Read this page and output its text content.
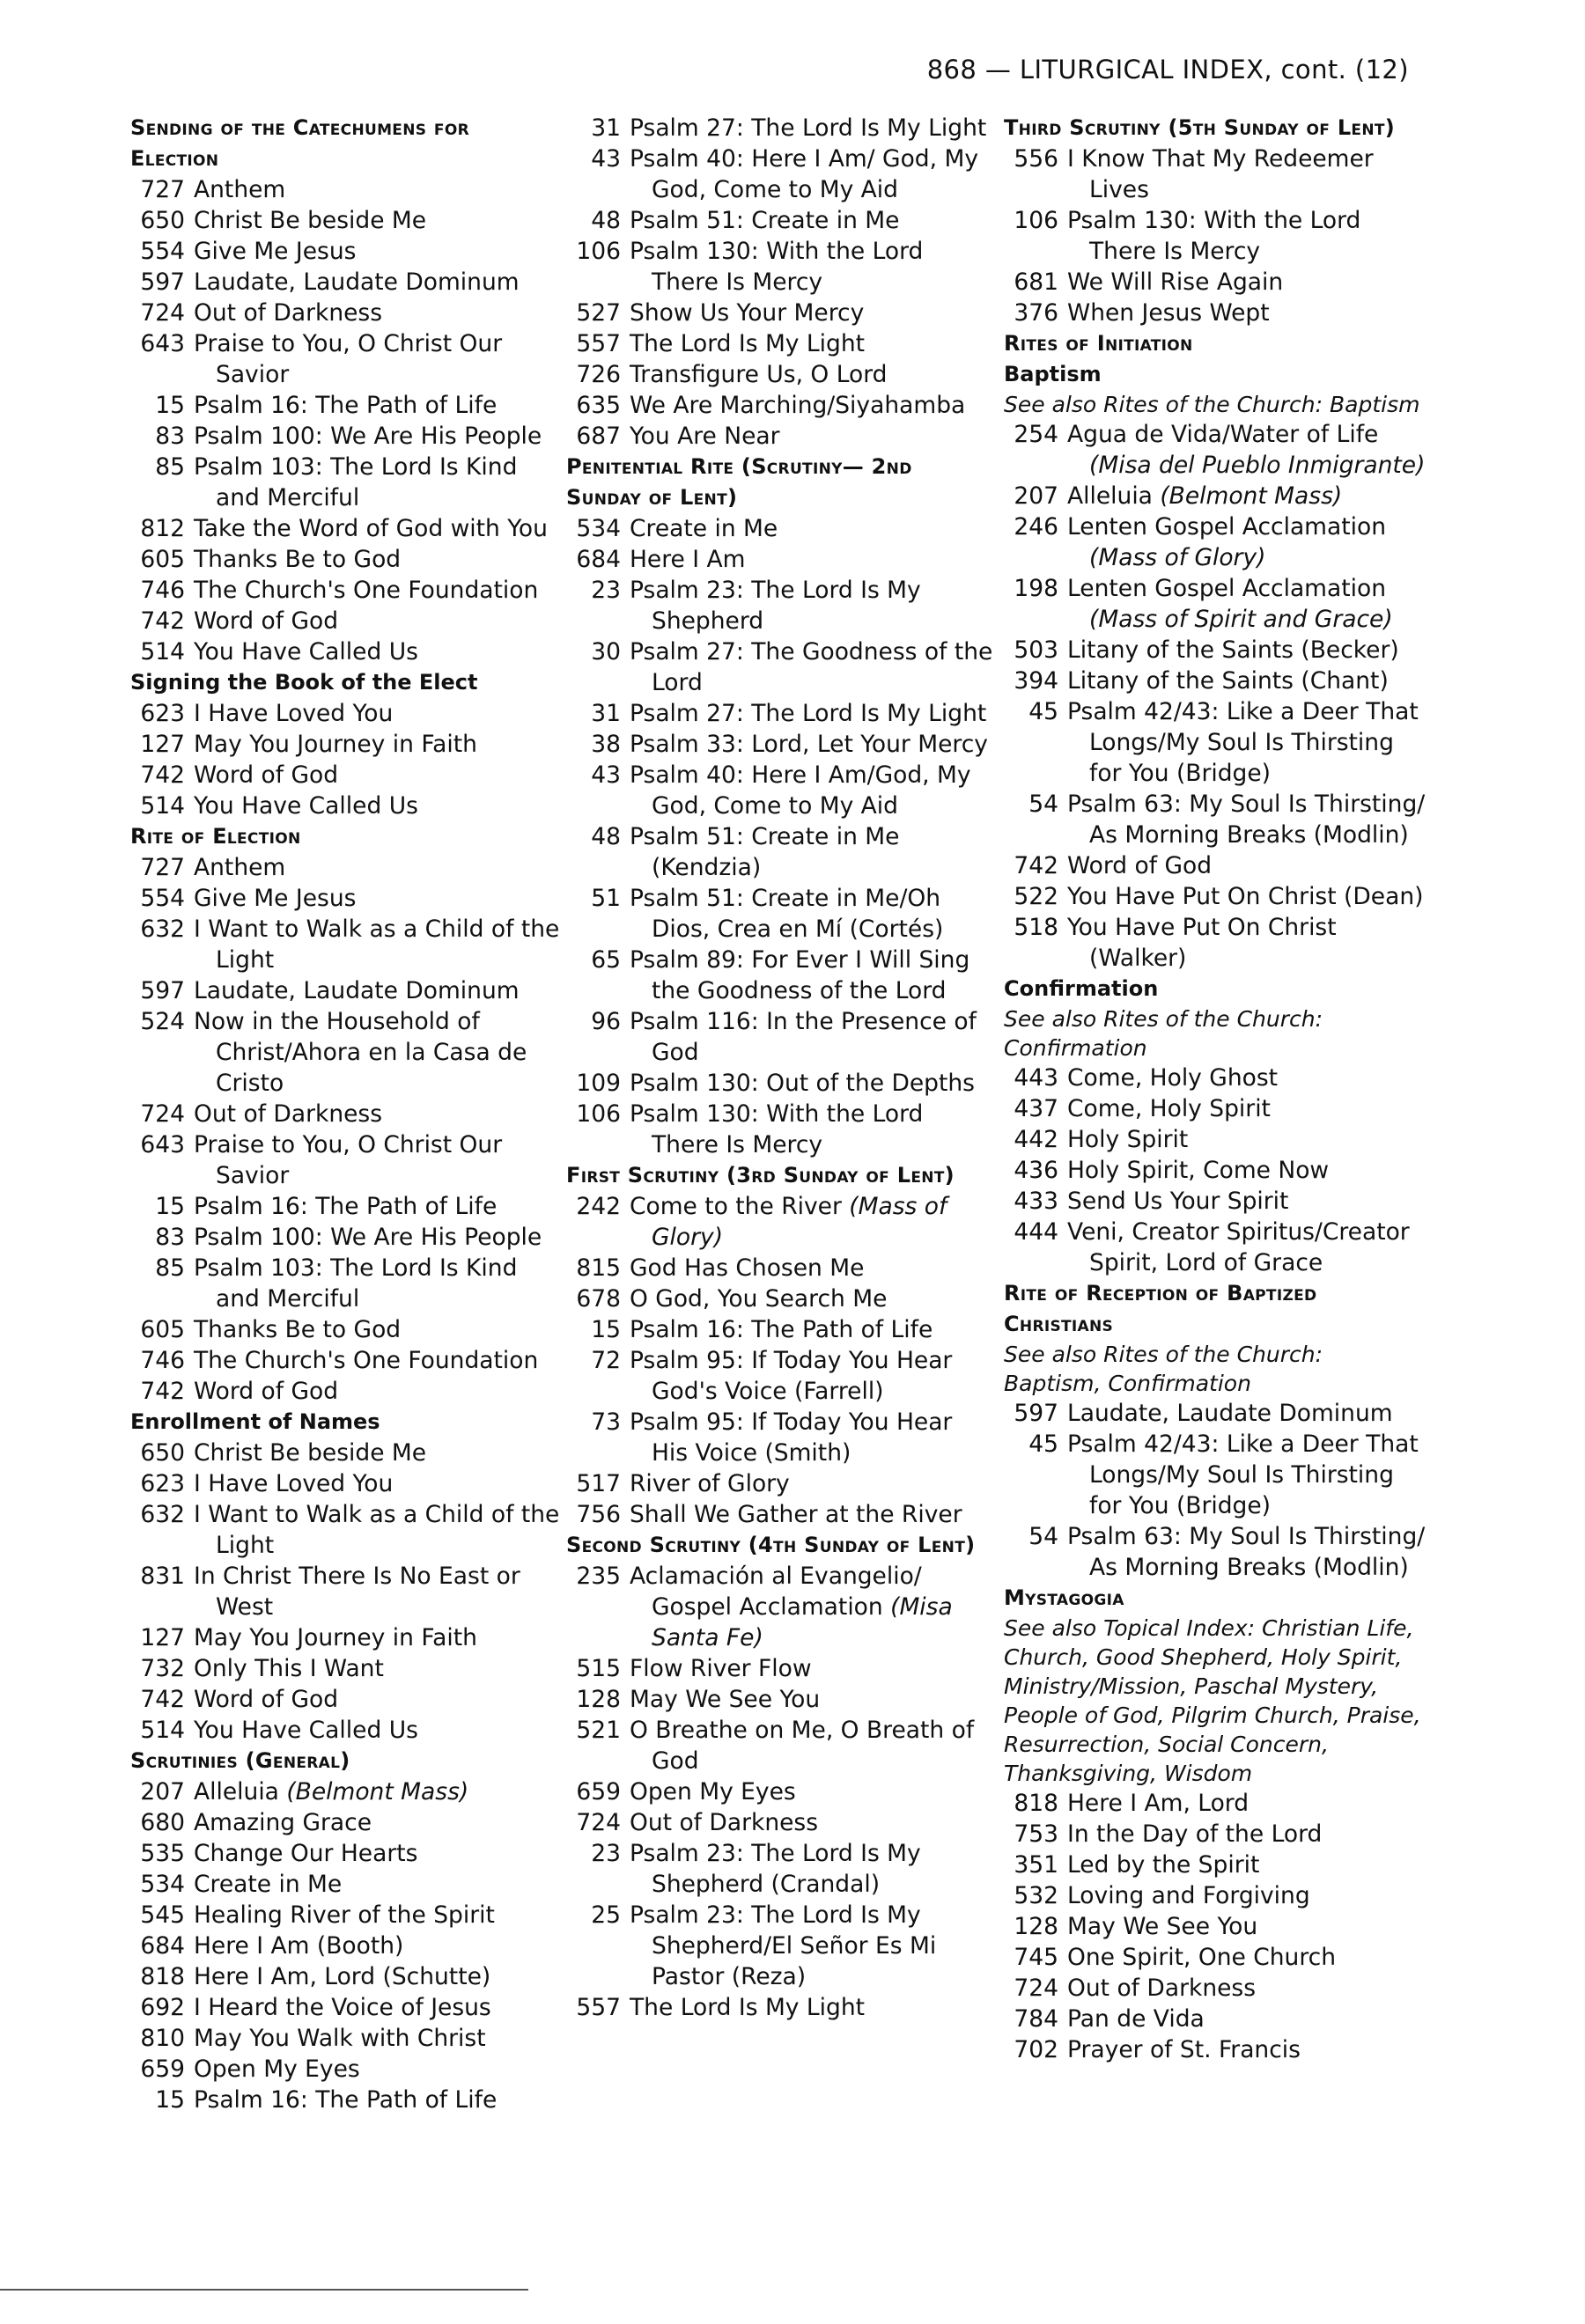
868 — LITURGICAL INDEX, cont. (12)
Sending of the Catechumens for Election
727 Anthem
650 Christ Be beside Me
554 Give Me Jesus
597 Laudate, Laudate Dominum
724 Out of Darkness
643 Praise to You, O Christ Our Savior
15 Psalm 16: The Path of Life
83 Psalm 100: We Are His People
85 Psalm 103: The Lord Is Kind and Merciful
812 Take the Word of God with You
605 Thanks Be to God
746 The Church's One Foundation
742 Word of God
514 You Have Called Us
Signing the Book of the Elect
623 I Have Loved You
127 May You Journey in Faith
742 Word of God
514 You Have Called Us
Rite of Election
727 Anthem
554 Give Me Jesus
632 I Want to Walk as a Child of the Light
597 Laudate, Laudate Dominum
524 Now in the Household of Christ/Ahora en la Casa de Cristo
724 Out of Darkness
643 Praise to You, O Christ Our Savior
15 Psalm 16: The Path of Life
83 Psalm 100: We Are His People
85 Psalm 103: The Lord Is Kind and Merciful
605 Thanks Be to God
746 The Church's One Foundation
742 Word of God
Enrollment of Names
650 Christ Be beside Me
623 I Have Loved You
632 I Want to Walk as a Child of the Light
831 In Christ There Is No East or West
127 May You Journey in Faith
732 Only This I Want
742 Word of God
514 You Have Called Us
Scrutinies (General)
207 Alleluia (Belmont Mass)
680 Amazing Grace
535 Change Our Hearts
534 Create in Me
545 Healing River of the Spirit
684 Here I Am (Booth)
818 Here I Am, Lord (Schutte)
692 I Heard the Voice of Jesus
810 May You Walk with Christ
659 Open My Eyes
15 Psalm 16: The Path of Life
31 Psalm 27: The Lord Is My Light
43 Psalm 40: Here I Am/ God, My God, Come to My Aid
48 Psalm 51: Create in Me
106 Psalm 130: With the Lord There Is Mercy
527 Show Us Your Mercy
557 The Lord Is My Light
726 Transfigure Us, O Lord
635 We Are Marching/Siyahamba
687 You Are Near
Penitential Rite (Scrutiny— 2nd Sunday of Lent)
534 Create in Me
684 Here I Am
23 Psalm 23: The Lord Is My Shepherd
30 Psalm 27: The Goodness of the Lord
31 Psalm 27: The Lord Is My Light
38 Psalm 33: Lord, Let Your Mercy
43 Psalm 40: Here I Am/God, My God, Come to My Aid
48 Psalm 51: Create in Me (Kendzia)
51 Psalm 51: Create in Me/Oh Dios, Crea en Mí (Cortés)
65 Psalm 89: For Ever I Will Sing the Goodness of the Lord
96 Psalm 116: In the Presence of God
109 Psalm 130: Out of the Depths
106 Psalm 130: With the Lord There Is Mercy
First Scrutiny (3rd Sunday of Lent)
242 Come to the River (Mass of Glory)
815 God Has Chosen Me
678 O God, You Search Me
15 Psalm 16: The Path of Life
72 Psalm 95: If Today You Hear God's Voice (Farrell)
73 Psalm 95: If Today You Hear His Voice (Smith)
517 River of Glory
756 Shall We Gather at the River
Second Scrutiny (4th Sunday of Lent)
235 Aclamación al Evangelio/ Gospel Acclamation (Misa Santa Fe)
515 Flow River Flow
128 May We See You
521 O Breathe on Me, O Breath of God
659 Open My Eyes
724 Out of Darkness
23 Psalm 23: The Lord Is My Shepherd (Crandal)
25 Psalm 23: The Lord Is My Shepherd/El Señor Es Mi Pastor (Reza)
557 The Lord Is My Light
Third Scrutiny (5th Sunday of Lent)
556 I Know That My Redeemer Lives
106 Psalm 130: With the Lord There Is Mercy
681 We Will Rise Again
376 When Jesus Wept
Rites of Initiation
Baptism
See also Rites of the Church: Baptism
254 Agua de Vida/Water of Life (Misa del Pueblo Inmigrante)
207 Alleluia (Belmont Mass)
246 Lenten Gospel Acclamation (Mass of Glory)
198 Lenten Gospel Acclamation (Mass of Spirit and Grace)
503 Litany of the Saints (Becker)
394 Litany of the Saints (Chant)
45 Psalm 42/43: Like a Deer That Longs/My Soul Is Thirsting for You (Bridge)
54 Psalm 63: My Soul Is Thirsting/ As Morning Breaks (Modlin)
742 Word of God
522 You Have Put On Christ (Dean)
518 You Have Put On Christ (Walker)
Confirmation
See also Rites of the Church: Confirmation
443 Come, Holy Ghost
437 Come, Holy Spirit
442 Holy Spirit
436 Holy Spirit, Come Now
433 Send Us Your Spirit
444 Veni, Creator Spiritus/Creator Spirit, Lord of Grace
Rite of Reception of Baptized Christians
See also Rites of the Church: Baptism, Confirmation
597 Laudate, Laudate Dominum
45 Psalm 42/43: Like a Deer That Longs/My Soul Is Thirsting for You (Bridge)
54 Psalm 63: My Soul Is Thirsting/ As Morning Breaks (Modlin)
Mystagogia
See also Topical Index: Christian Life, Church, Good Shepherd, Holy Spirit, Ministry/Mission, Paschal Mystery, People of God, Pilgrim Church, Praise, Resurrection, Social Concern, Thanksgiving, Wisdom
818 Here I Am, Lord
753 In the Day of the Lord
351 Led by the Spirit
532 Loving and Forgiving
128 May We See You
745 One Spirit, One Church
724 Out of Darkness
784 Pan de Vida
702 Prayer of St. Francis
